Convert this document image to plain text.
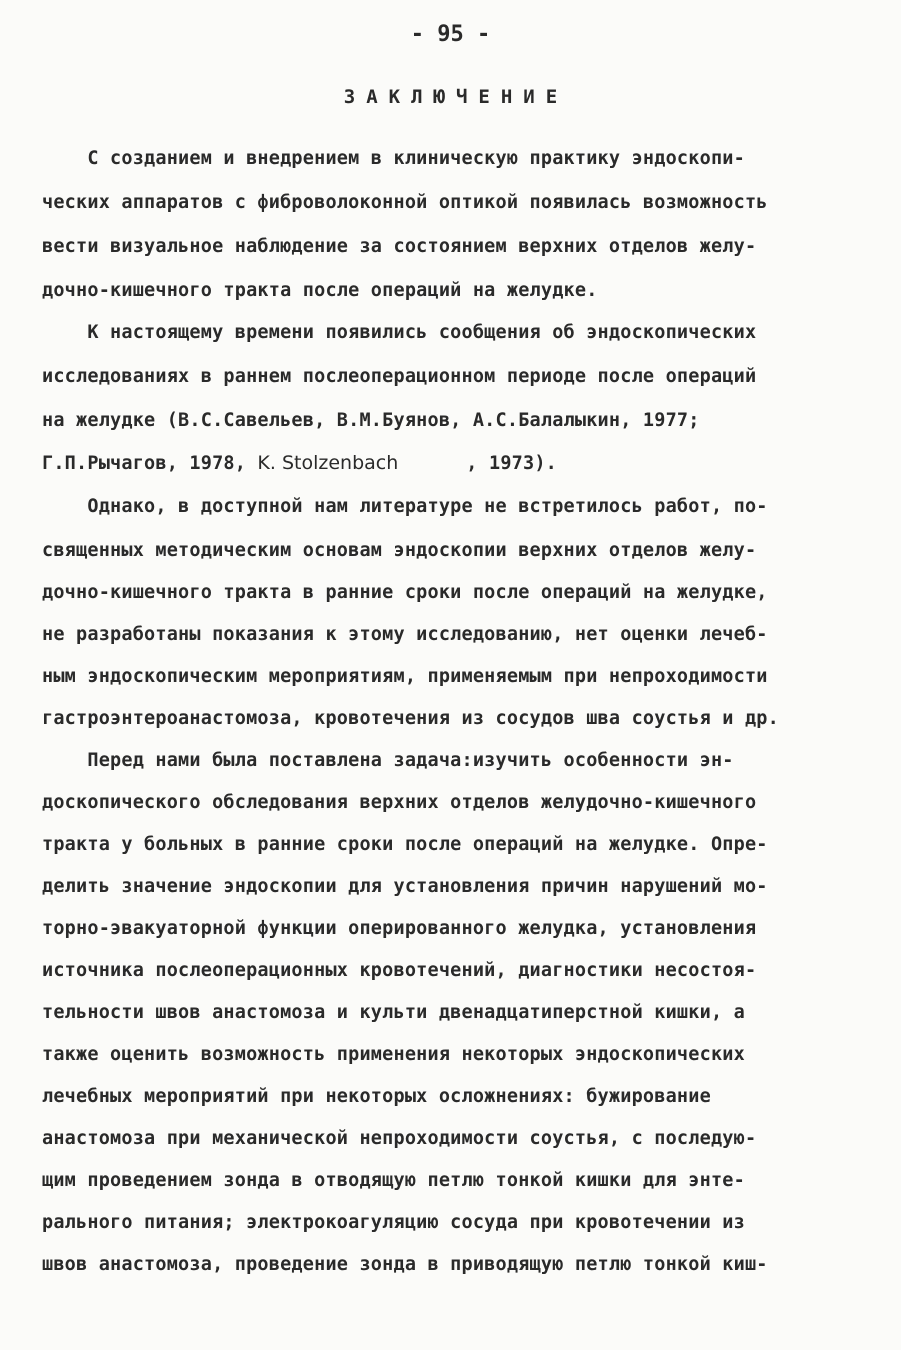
- 95 -
ЗАКЛЮЧЕНИЕ
С созданием и внедрением в клиническую практику эндоскопи-
ческих аппаратов с фиброволоконной оптикой появилась возможность
вести визуальное наблюдение за состоянием верхних отделов желу-
дочно-кишечного тракта после операций на желудке.
К настоящему времени появились сообщения об эндоскопических
исследованиях в раннем послеоперационном периоде после операций
на желудке (В.С.Савельев, В.М.Буянов, А.С.Балалыкин, 1977;
Г.П.Рычагов, 1978, K. Stolzenbach      , 1973).
Однако, в доступной нам литературе не встретилось работ, по-
священных методическим основам эндоскопии верхних отделов желу-
дочно-кишечного тракта в ранние сроки после операций на желудке,
не разработаны показания к этому исследованию, нет оценки лечеб-
ным эндоскопическим мероприятиям, применяемым при непроходимости
гастроэнтероанастомоза, кровотечения из сосудов шва соустья и др.
Перед нами была поставлена задача:изучить особенности эн-
доскопического обследования верхних отделов желудочно-кишечного
тракта у больных в ранние сроки после операций на желудке. Опре-
делить значение эндоскопии для установления причин нарушений мо-
торно-эвакуаторной функции оперированного желудка, установления
источника послеоперационных кровотечений, диагностики несостоя-
тельности швов анастомоза и культи двенадцатиперстной кишки, а
также оценить возможность применения некоторых эндоскопических
лечебных мероприятий при некоторых осложнениях: бужирование
анастомоза при механической непроходимости соустья, с последую-
щим проведением зонда в отводящую петлю тонкой кишки для энте-
рального питания; электрокоагуляцию сосуда при кровотечении из
швов анастомоза, проведение зонда в приводящую петлю тонкой киш-
